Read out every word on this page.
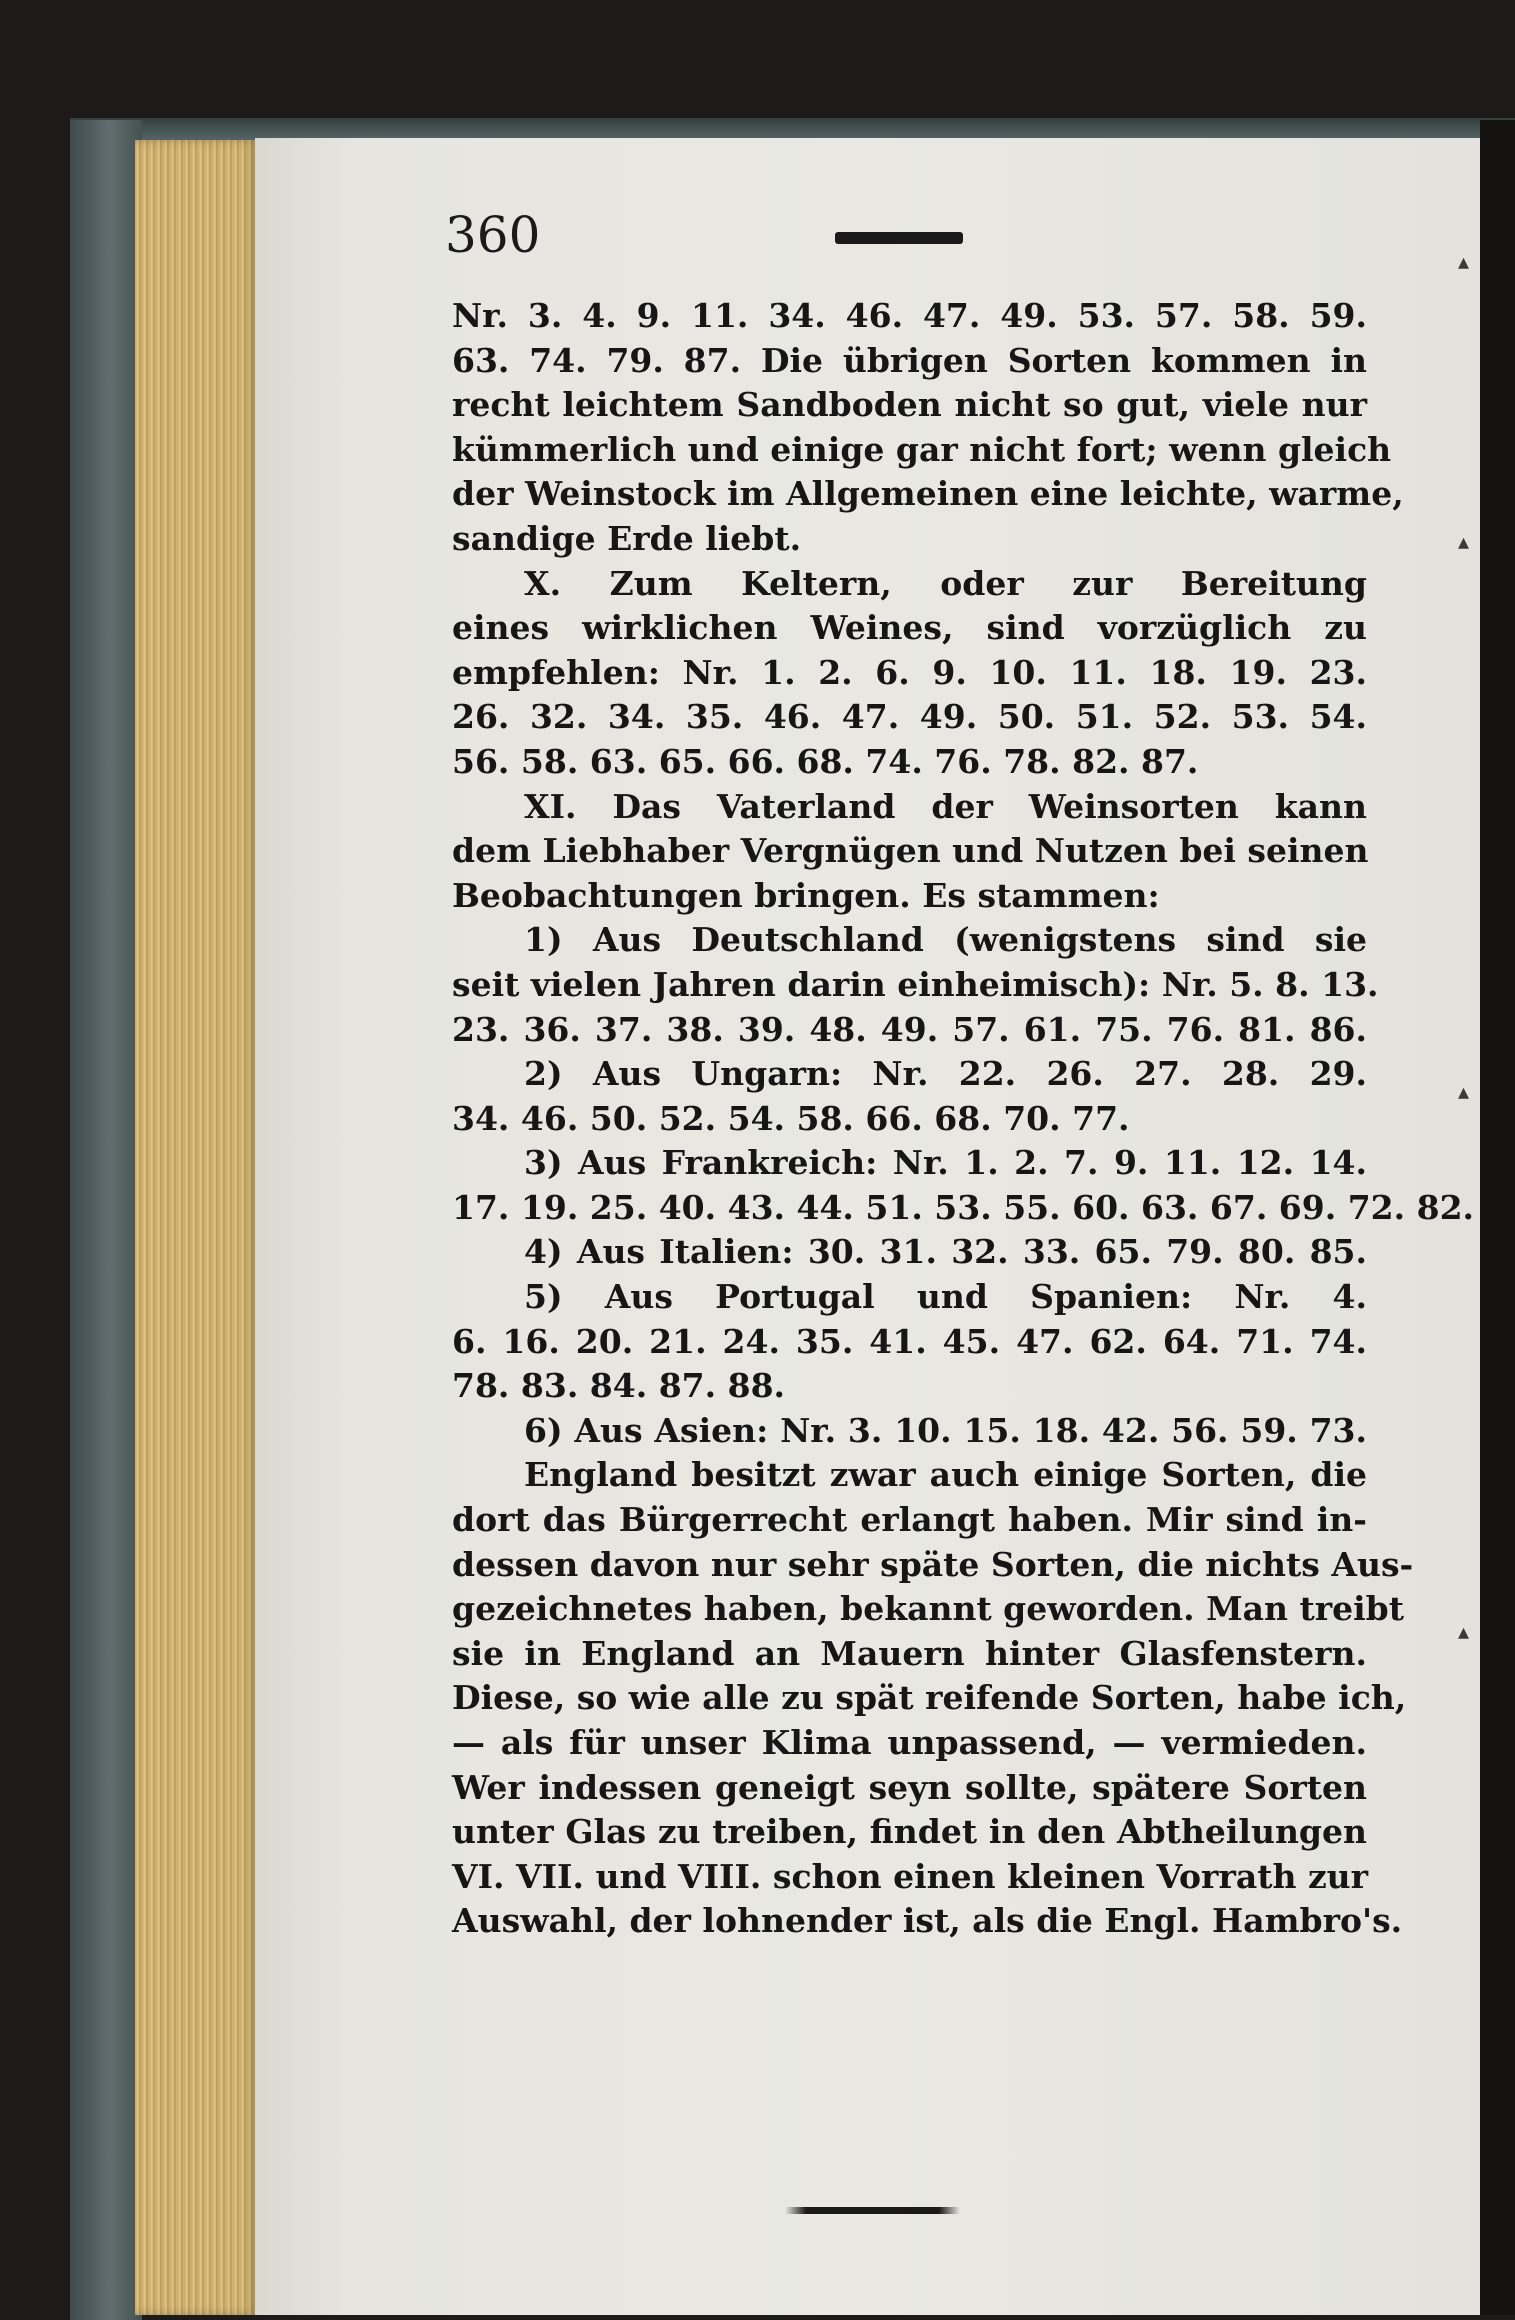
360
Nr. 3. 4. 9. 11. 34. 46. 47. 49. 53. 57. 58. 59.
63. 74. 79. 87. Die übrigen Sorten kommen in
recht leichtem Sandboden nicht so gut, viele nur
kümmerlich und einige gar nicht fort; wenn gleich
der Weinstock im Allgemeinen eine leichte, warme,
sandige Erde liebt.
X. Zum Keltern, oder zur Bereitung
eines wirklichen Weines, sind vorzüglich zu
empfehlen: Nr. 1. 2. 6. 9. 10. 11. 18. 19. 23.
26. 32. 34. 35. 46. 47. 49. 50. 51. 52. 53. 54.
56. 58. 63. 65. 66. 68. 74. 76. 78. 82. 87.
XI. Das Vaterland der Weinsorten kann
dem Liebhaber Vergnügen und Nutzen bei seinen
Beobachtungen bringen. Es stammen:
1) Aus Deutschland (wenigstens sind sie
seit vielen Jahren darin einheimisch): Nr. 5. 8. 13.
23. 36. 37. 38. 39. 48. 49. 57. 61. 75. 76. 81. 86.
2) Aus Ungarn: Nr. 22. 26. 27. 28. 29.
34. 46. 50. 52. 54. 58. 66. 68. 70. 77.
3) Aus Frankreich: Nr. 1. 2. 7. 9. 11. 12. 14.
17. 19. 25. 40. 43. 44. 51. 53. 55. 60. 63. 67. 69. 72. 82.
4) Aus Italien: 30. 31. 32. 33. 65. 79. 80. 85.
5) Aus Portugal und Spanien: Nr. 4.
6. 16. 20. 21. 24. 35. 41. 45. 47. 62. 64. 71. 74.
78. 83. 84. 87. 88.
6) Aus Asien: Nr. 3. 10. 15. 18. 42. 56. 59. 73.
England besitzt zwar auch einige Sorten, die
dort das Bürgerrecht erlangt haben. Mir sind in-
dessen davon nur sehr späte Sorten, die nichts Aus-
gezeichnetes haben, bekannt geworden. Man treibt
sie in England an Mauern hinter Glasfenstern.
Diese, so wie alle zu spät reifende Sorten, habe ich,
— als für unser Klima unpassend, — vermieden.
Wer indessen geneigt seyn sollte, spätere Sorten
unter Glas zu treiben, findet in den Abtheilungen
VI. VII. und VIII. schon einen kleinen Vorrath zur
Auswahl, der lohnender ist, als die Engl. Hambro's.
▴
▴
▴
▴
